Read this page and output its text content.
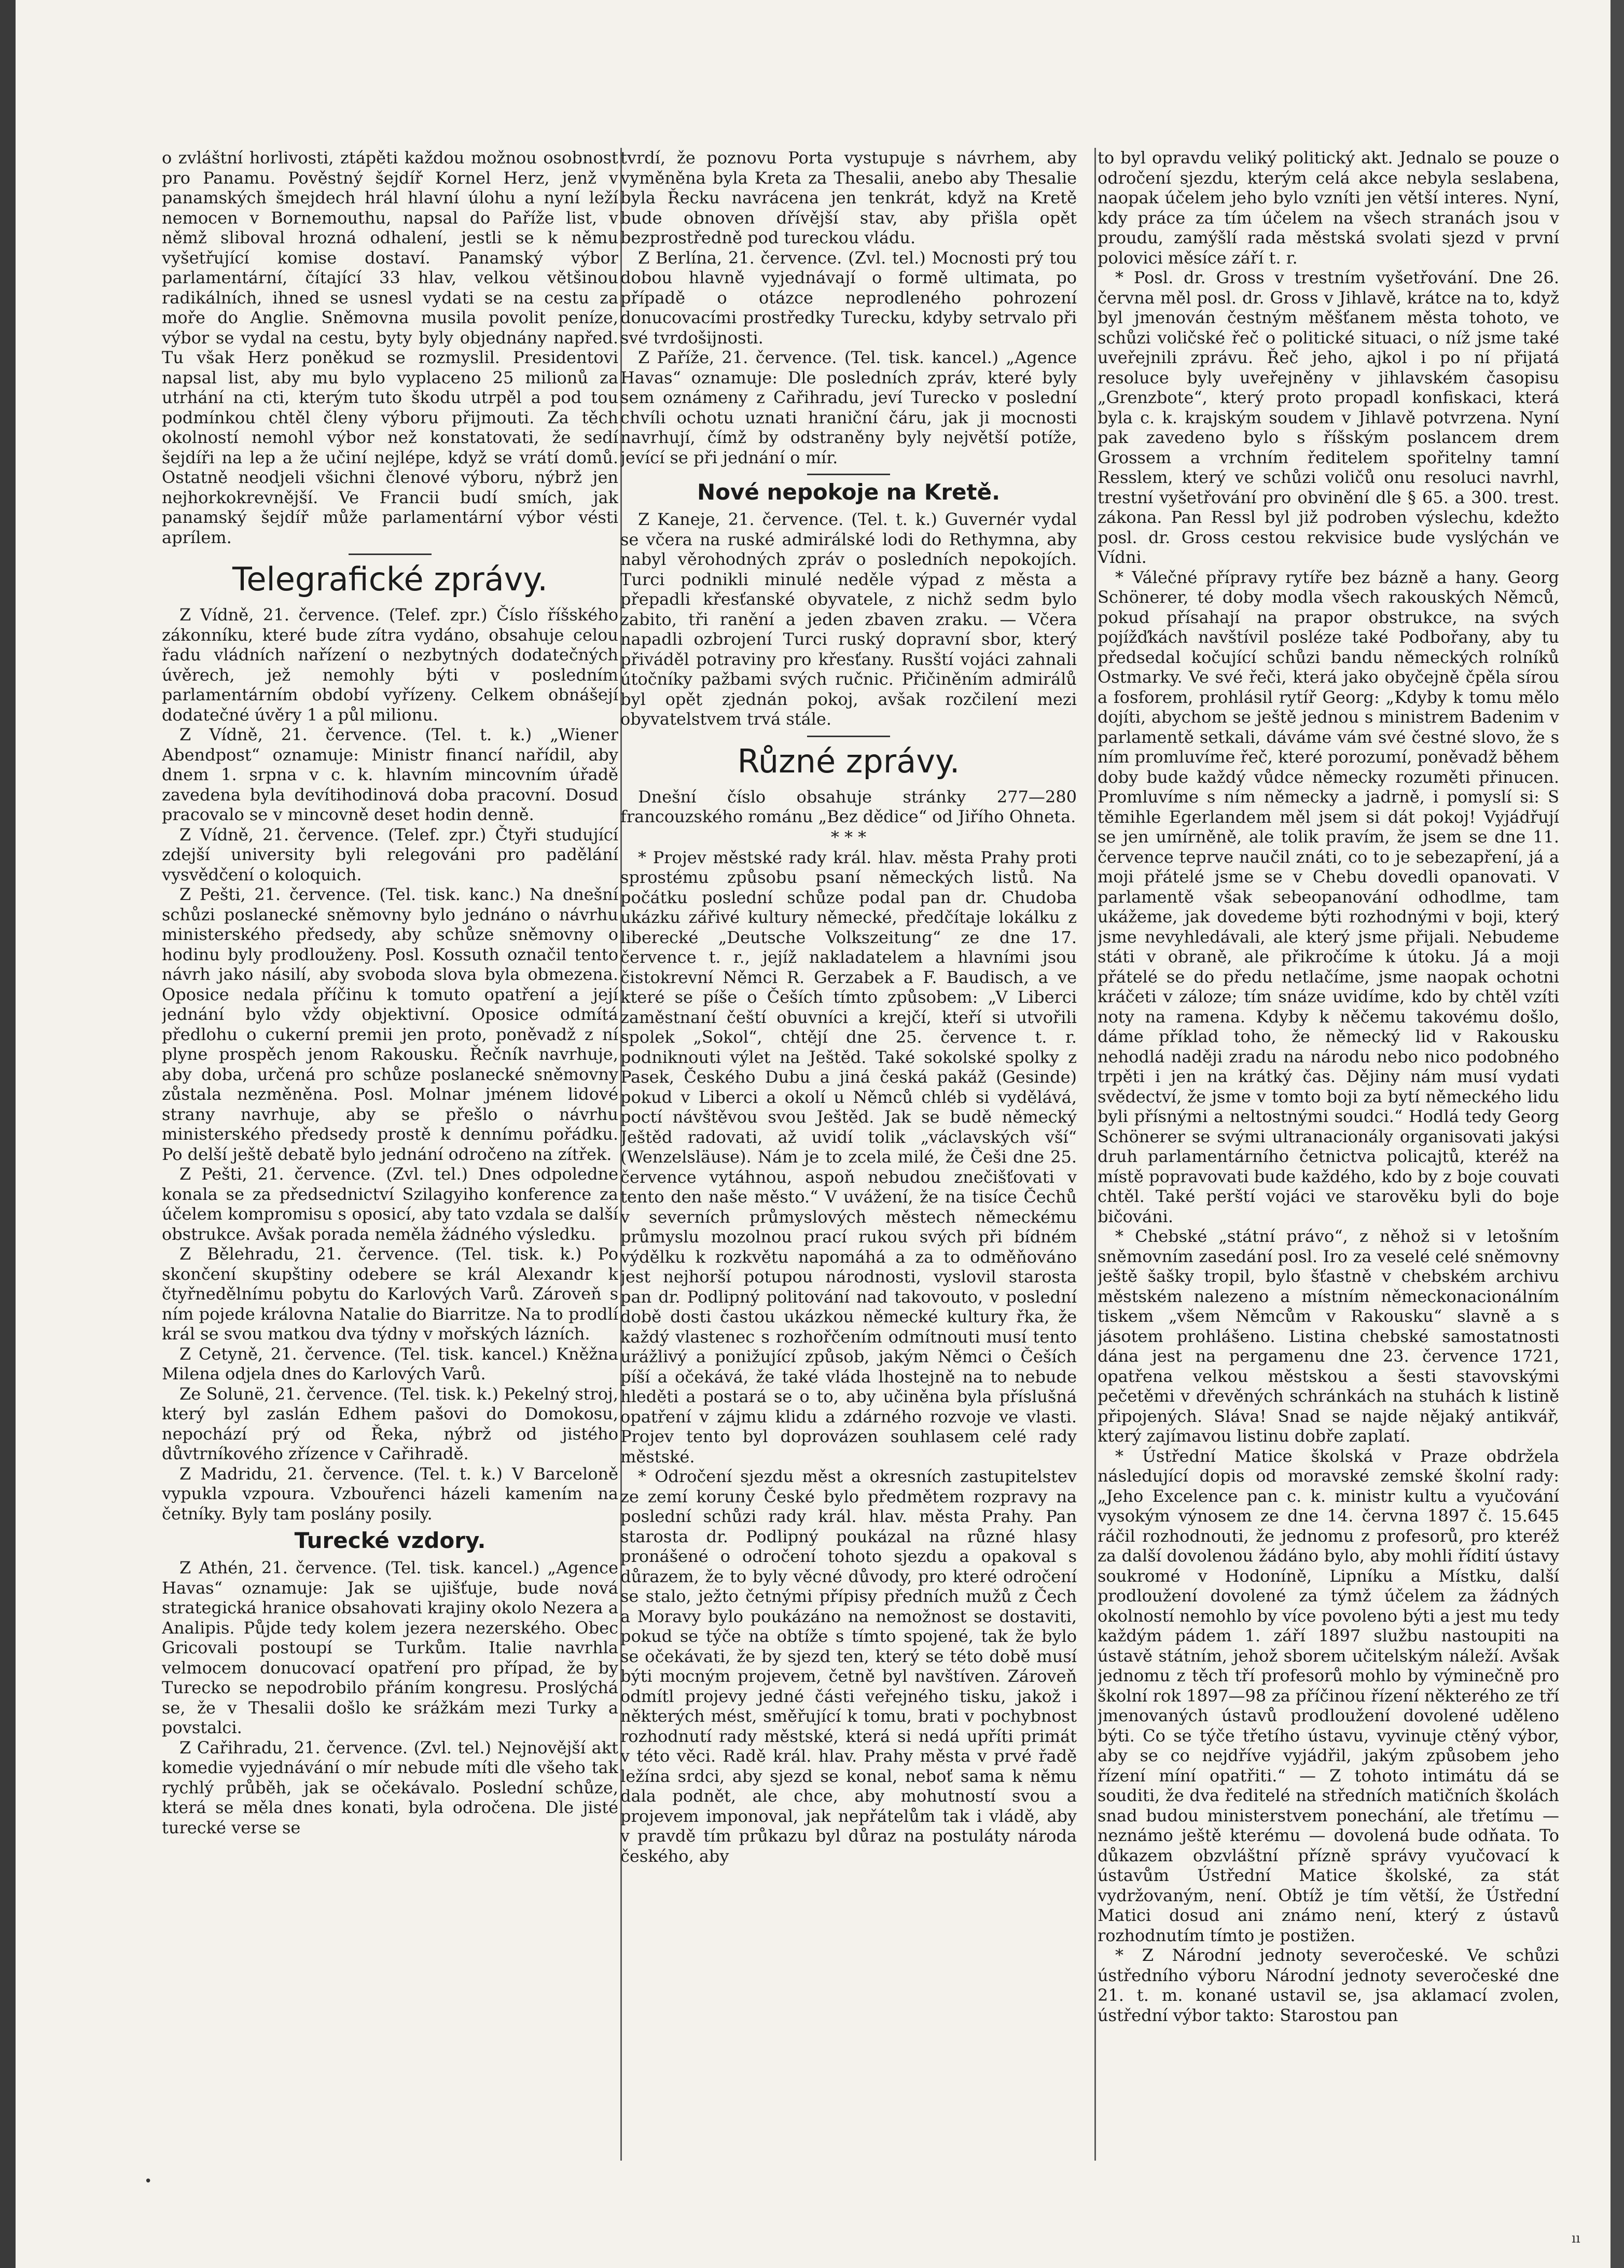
o zvláštní horlivosti, ztápěti každou možnou osobnost pro Panamu. Pověstný šejdíř Kornel Herz, jenž v panamských šmejdech hrál hlavní úlohu a nyní leží nemocen v Bornemouthu, napsal do Paříže list, v němž sliboval hrozná odhalení, jestli se k němu vyšetřující komise dostaví. Panamský výbor parlamentární, čítající 33 hlav, velkou většinou radikálních, ihned se usnesl vydati se na cestu za moře do Anglie. Sněmovna musila povolit peníze, výbor se vydal na cestu, byty byly objednány napřed. Tu však Herz poněkud se rozmyslil. Presidentovi napsal list, aby mu bylo vyplaceno 25 milionů za utrhání na cti, kterým tuto škodu utrpěl a pod tou podmínkou chtěl členy výboru přijmouti. Za těch okolností nemohl výbor než konstatovati, že sedí šejdíři na lep a že učiní nejlépe, když se vrátí domů. Ostatně neodjeli všichni členové výboru, nýbrž jen nejhorkokrevnější. Ve Francii budí smích, jak panamský šejdíř může parlamentární výbor vésti aprílem.

Telegrafické zprávy.

Z Vídně, 21. července. (Telef. zpr.) Číslo říšského zákonníku, které bude zítra vydáno, obsahuje celou řadu vládních nařízení o nezbytných dodatečných úvěrech, jež nemohly býti v posledním parlamentárním období vyřízeny. Celkem obnášejí dodatečné úvěry 1 a půl milionu.

Z Vídně, 21. července. (Tel. t. k.) „Wiener Abendpost“ oznamuje: Ministr financí nařídil, aby dnem 1. srpna v c. k. hlavním mincovním úřadě zavedena byla devítihodinová doba pracovní. Dosud pracovalo se v mincovně deset hodin denně.

Z Vídně, 21. července. (Telef. zpr.) Čtyři studující zdejší university byli relegováni pro padělání vysvědčení o koloquich.

Z Pešti, 21. července. (Tel. tisk. kanc.) Na dnešní schůzi poslanecké sněmovny bylo jednáno o návrhu ministerského předsedy, aby schůze sněmovny o hodinu byly prodlouženy. Posl. Kossuth označil tento návrh jako násilí, aby svoboda slova byla obmezena. Oposice nedala příčinu k tomuto opatření a její jednání bylo vždy objektivní. Oposice odmítá předlohu o cukerní premii jen proto, poněvadž z ní plyne prospěch jenom Rakousku. Řečník navrhuje, aby doba, určená pro schůze poslanecké sněmovny zůstala nezměněna. Posl. Molnar jménem lidové strany navrhuje, aby se přešlo o návrhu ministerského předsedy prostě k dennímu pořádku. Po delší ještě debatě bylo jednání odročeno na zítřek.

Z Pešti, 21. července. (Zvl. tel.) Dnes odpoledne konala se za předsednictví Szilagyiho konference za účelem kompromisu s oposicí, aby tato vzdala se další obstrukce. Avšak porada neměla žádného výsledku.

Z Bělehradu, 21. července. (Tel. tisk. k.) Po skončení skupštiny odebere se král Alexandr k čtyřnedělnímu pobytu do Karlových Varů. Zároveň s ním pojede královna Natalie do Biarritze. Na to prodlí král se svou matkou dva týdny v mořských lázních.

Z Cetyně, 21. července. (Tel. tisk. kancel.) Kněžna Milena odjela dnes do Karlových Varů.

Ze Solunë, 21. července. (Tel. tisk. k.) Pekelný stroj, který byl zaslán Edhem pašovi do Domokosu, nepochází prý od Řeka, nýbrž od jistého důvtrníkového zřízence v Cařihradě.

Z Madridu, 21. července. (Tel. t. k.) V Barceloně vypukla vzpoura. Vzbouřenci házeli kamením na četníky. Byly tam poslány posily.

Turecké vzdory.

Z Athén, 21. července. (Tel. tisk. kancel.) „Agence Havas“ oznamuje: Jak se ujišťuje, bude nová strategická hranice obsahovati krajiny okolo Nezera a Analipis. Půjde tedy kolem jezera nezerského. Obec Gricovali postoupí se Turkům. Italie navrhla velmocem donucovací opatření pro případ, že by Turecko se nepodrobilo přáním kongresu. Proslýchá se, že v Thesalii došlo ke srážkám mezi Turky a povstalci.

Z Cařihradu, 21. července. (Zvl. tel.) Nejnovější akt komedie vyjednávání o mír nebude míti dle všeho tak rychlý průběh, jak se očekávalo. Poslední schůze, která se měla dnes konati, byla odročena. Dle jisté turecké verse se

tvrdí, že poznovu Porta vystupuje s návrhem, aby vyměněna byla Kreta za Thesalii, anebo aby Thesalie byla Řecku navrácena jen tenkrát, když na Kretě bude obnoven dřívější stav, aby přišla opět bezprostředně pod tureckou vládu.

Z Berlína, 21. července. (Zvl. tel.) Mocnosti prý tou dobou hlavně vyjednávají o formě ultimata, po případě o otázce neprodleného pohrození donucovacími prostředky Turecku, kdyby setrvalo při své tvrdošijnosti.

Z Paříže, 21. července. (Tel. tisk. kancel.) „Agence Havas“ oznamuje: Dle posledních zpráv, které byly sem oznámeny z Cařihradu, jeví Turecko v poslední chvíli ochotu uznati hraniční čáru, jak ji mocnosti navrhují, čímž by odstraněny byly největší potíže, jevící se při jednání o mír.

Nové nepokoje na Kretě.

Z Kaneje, 21. července. (Tel. t. k.) Guvernér vydal se včera na ruské admirálské lodi do Rethymna, aby nabyl věrohodných zpráv o posledních nepokojích. Turci podnikli minulé neděle výpad z města a přepadli křesťanské obyvatele, z nichž sedm bylo zabito, tři ranění a jeden zbaven zraku. — Včera napadli ozbrojení Turci ruský dopravní sbor, který přiváděl potraviny pro křesťany. Rusští vojáci zahnali útočníky pažbami svých ručnic. Přičiněním admirálů byl opět zjednán pokoj, avšak rozčilení mezi obyvatelstvem trvá stále.

Různé zprávy.

Dnešní číslo obsahuje stránky 277—280 francouzského románu „Bez dědice“ od Jiřího Ohneta.

* * *

* Projev městské rady král. hlav. města Prahy proti sprostému způsobu psaní německých listů. Na počátku poslední schůze podal pan dr. Chudoba ukázku zářivé kultury německé, předčítaje lokálku z liberecké „Deutsche Volkszeitung“ ze dne 17. července t. r., jejíž nakladatelem a hlavními jsou čistokrevní Němci R. Gerzabek a F. Baudisch, a ve které se píše o Češích tímto způsobem: „V Liberci zaměstnaní čeští obuvníci a krejčí, kteří si utvořili spolek „Sokol“, chtějí dne 25. července t. r. podniknouti výlet na Ještěd. Také sokolské spolky z Pasek, Českého Dubu a jiná česká pakáž (Gesinde) pokud v Liberci a okolí u Němců chléb si vydělává, poctí návštěvou svou Ještěd. Jak se budě německý Ještěd radovati, až uvidí tolik „václavských vší“ (Wenzelsläuse). Nám je to zcela milé, že Češi dne 25. července vytáhnou, aspoň nebudou znečišťovati v tento den naše město.“ V uvážení, že na tisíce Čechů v severních průmyslových městech německému průmyslu mozolnou prací rukou svých při bídném výdělku k rozkvětu napomáhá a za to odměňováno jest nejhorší potupou národnosti, vyslovil starosta pan dr. Podlipný politování nad takovouto, v poslední době dosti častou ukázkou německé kultury řka, že každý vlastenec s rozhořčením odmítnouti musí tento urážlivý a ponižující způsob, jakým Němci o Češích píší a očekává, že také vláda lhostejně na to nebude hleděti a postará se o to, aby učiněna byla příslušná opatření v zájmu klidu a zdárného rozvoje ve vlasti. Projev tento byl doprovázen souhlasem celé rady městské.

* Odročení sjezdu měst a okresních zastupitelstev ze zemí koruny České bylo předmětem rozpravy na poslední schůzi rady král. hlav. města Prahy. Pan starosta dr. Podlipný poukázal na různé hlasy pronášené o odročení tohoto sjezdu a opakoval s důrazem, že to byly věcné důvody, pro které odročení se stalo, ježto četnými přípisy předních mužů z Čech a Moravy bylo poukázáno na nemožnost se dostaviti, pokud se týče na obtíže s tímto spojené, tak že bylo se očekávati, že by sjezd ten, který se této době musí býti mocným projevem, četně byl navštíven. Zároveň odmítl projevy jedné části veřejného tisku, jakož i některých mést, směřující k tomu, brati v pochybnost rozhodnutí rady městské, která si nedá upříti primát v této věci. Radě král. hlav. Prahy města v prvé řadě ležína srdci, aby sjezd se konal, neboť sama k němu dala podnět, ale chce, aby mohutností svou a projevem imponoval, jak nepřátelům tak i vládě, aby v pravdě tím průkazu byl důraz na postuláty národa českého, aby

to byl opravdu veliký politický akt. Jednalo se pouze o odročení sjezdu, kterým celá akce nebyla seslabena, naopak účelem jeho bylo vzníti jen větší interes. Nyní, kdy práce za tím účelem na všech stranách jsou v proudu, zamýšlí rada městská svolati sjezd v první polovici měsíce září t. r.

* Posl. dr. Gross v trestním vyšetřování. Dne 26. června měl posl. dr. Gross v Jihlavě, krátce na to, když byl jmenován čestným měšťanem města tohoto, ve schůzi voličské řeč o politické situaci, o níž jsme také uveřejnili zprávu. Řeč jeho, ajkol i po ní přijatá resoluce byly uveřejněny v jihlavském časopisu „Grenzbote“, který proto propadl konfiskaci, která byla c. k. krajským soudem v Jihlavě potvrzena. Nyní pak zavedeno bylo s říšským poslancem drem Grossem a vrchním ředitelem spořitelny tamní Resslem, který ve schůzi voličů onu resoluci navrhl, trestní vyšetřování pro obvinění dle § 65. a 300. trest. zákona. Pan Ressl byl již podroben výslechu, kdežto posl. dr. Gross cestou rekvisice bude vyslýchán ve Vídni.

* Válečné přípravy rytíře bez bázně a hany. Georg Schönerer, té doby modla všech rakouských Němců, pokud přísahají na prapor obstrukce, na svých pojížďkách navštívil posléze také Podbořany, aby tu předsedal kočující schůzi bandu německých rolníků Ostmarky. Ve své řeči, která jako obyčejně čpěla sírou a fosforem, prohlásil rytíř Georg: „Kdyby k tomu mělo dojíti, abychom se ještě jednou s ministrem Badenim v parlamentě setkali, dáváme vám své čestné slovo, že s ním promluvíme řeč, které porozumí, poněvadž během doby bude každý vůdce německy rozuměti přinucen. Promluvíme s ním německy a jadrně, i pomyslí si: S těmihle Egerlandem měl jsem si dát pokoj! Vyjádřují se jen umírněně, ale tolik pravím, že jsem se dne 11. července teprve naučil znáti, co to je sebezapření, já a moji přátelé jsme se v Chebu dovedli opanovati. V parlamentě však sebeopanování odhodlme, tam ukážeme, jak dovedeme býti rozhodnými v boji, který jsme nevyhledávali, ale který jsme přijali. Nebudeme státi v obraně, ale přikročíme k útoku. Já a moji přátelé se do předu netlačíme, jsme naopak ochotni kráčeti v záloze; tím snáze uvidíme, kdo by chtěl vzíti noty na ramena. Kdyby k něčemu takovému došlo, dáme příklad toho, že německý lid v Rakousku nehodlá naději zradu na národu nebo nico podobného trpěti i jen na krátký čas. Dějiny nám musí vydati svědectví, že jsme v tomto boji za bytí německého lidu byli přísnými a neltostnými soudci.“ Hodlá tedy Georg Schönerer se svými ultranacionály organisovati jakýsi druh parlamentárního četnictva policajtů, kteréž na místě popravovati bude každého, kdo by z boje couvati chtěl. Také perští vojáci ve starověku byli do boje bičováni.

* Chebské „státní právo“, z něhož si v letošním sněmovním zasedání posl. Iro za veselé celé sněmovny ještě šašky tropil, bylo šťastně v chebském archivu městském nalezeno a místním německonacionálním tiskem „všem Němcům v Rakousku“ slavně a s jásotem prohlášeno. Listina chebské samostatnosti dána jest na pergamenu dne 23. července 1721, opatřena velkou městskou a šesti stavovskými pečetěmi v dřevěných schránkách na stuhách k listině připojených. Sláva! Snad se najde nějaký antikvář, který zajímavou listinu dobře zaplatí.

* Ústřední Matice školská v Praze obdržela následující dopis od moravské zemské školní rady: „Jeho Excelence pan c. k. ministr kultu a vyučování vysokým výnosem ze dne 14. června 1897 č. 15.645 ráčil rozhodnouti, že jednomu z profesorů, pro kteréž za další dovolenou žádáno bylo, aby mohli řídití ústavy soukromé v Hodoníně, Lipníku a Místku, další prodloužení dovolené za týmž účelem za žádných okolností nemohlo by více povoleno býti a jest mu tedy každým pádem 1. září 1897 službu nastoupiti na ústavě státním, jehož sborem učitelským náleží. Avšak jednomu z těch tří profesorů mohlo by výminečně pro školní rok 1897—98 za příčinou řízení některého ze tří jmenovaných ústavů prodloužení dovolené uděleno býti. Co se týče třetího ústavu, vyvinuje ctěný výbor, aby se co nejdříve vyjádřil, jakým způsobem jeho řízení míní opatřiti.“ — Z tohoto intimátu dá se souditi, že dva ředitelé na středních matičních školách snad budou ministerstvem ponechání, ale třetímu — neznámo ještě kterému — dovolená bude odňata. To důkazem obzvláštní přízně správy vyučovací k ústavům Ústřední Matice školské, za stát vydržovaným, není. Obtíž je tím větší, že Ústřední Matici dosud ani známo není, který z ústavů rozhodnutím tímto je postižen.

* Z Národní jednoty severočeské. Ve schůzi ústředního výboru Národní jednoty severočeské dne 21. t. m. konané ustavil se, jsa aklamací zvolen, ústřední výbor takto: Starostou pan

•
ıı
